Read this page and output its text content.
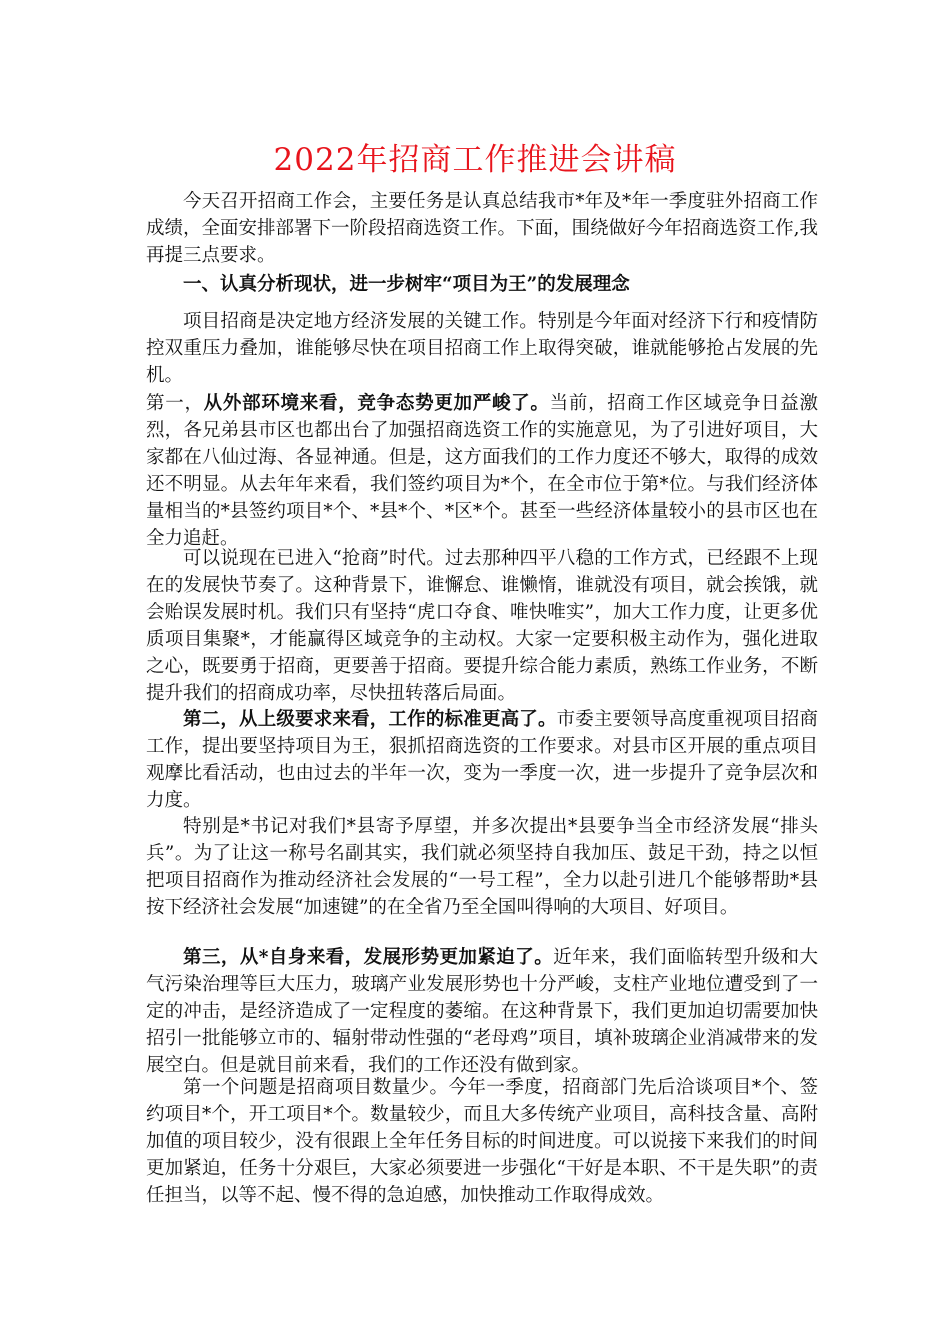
2022年招商工作推进会讲稿
今天召开招商工作会，主要任务是认真总结我市*年及*年一季度驻外招商工作成绩，全面安排部署下一阶段招商选资工作。下面，围绕做好今年招商选资工作,我再提三点要求。
一、认真分析现状，进一步树牢“项目为王”的发展理念
项目招商是决定地方经济发展的关键工作。特别是今年面对经济下行和疫情防控双重压力叠加，谁能够尽快在项目招商工作上取得突破，谁就能够抢占发展的先机。
第一，从外部环境来看，竞争态势更加严峻了。当前，招商工作区域竞争日益激烈，各兄弟县市区也都出台了加强招商选资工作的实施意见，为了引进好项目，大家都在八仙过海、各显神通。但是，这方面我们的工作力度还不够大，取得的成效还不明显。从去年年来看，我们签约项目为*个，在全市位于第*位。与我们经济体量相当的*县签约项目*个、*县*个、*区*个。甚至一些经济体量较小的县市区也在全力追赶。
可以说现在已进入“抢商”时代。过去那种四平八稳的工作方式，已经跟不上现在的发展快节奏了。这种背景下，谁懈怠、谁懒惰，谁就没有项目，就会挨饿，就会贻误发展时机。我们只有坚持“虎口夺食、唯快唯实”，加大工作力度，让更多优质项目集聚*，才能赢得区域竞争的主动权。大家一定要积极主动作为，强化进取之心，既要勇于招商，更要善于招商。要提升综合能力素质，熟练工作业务，不断提升我们的招商成功率，尽快扭转落后局面。
第二，从上级要求来看，工作的标准更高了。市委主要领导高度重视项目招商工作，提出要坚持项目为王，狠抓招商选资的工作要求。对县市区开展的重点项目观摩比看活动，也由过去的半年一次，变为一季度一次，进一步提升了竞争层次和力度。
特别是*书记对我们*县寄予厚望，并多次提出*县要争当全市经济发展“排头兵”。为了让这一称号名副其实，我们就必须坚持自我加压、鼓足干劲，持之以恒把项目招商作为推动经济社会发展的“一号工程”，全力以赴引进几个能够帮助*县按下经济社会发展“加速键”的在全省乃至全国叫得响的大项目、好项目。
第三，从*自身来看，发展形势更加紧迫了。近年来，我们面临转型升级和大气污染治理等巨大压力，玻璃产业发展形势也十分严峻，支柱产业地位遭受到了一定的冲击，是经济造成了一定程度的萎缩。在这种背景下，我们更加迫切需要加快招引一批能够立市的、辐射带动性强的“老母鸡”项目，填补玻璃企业消减带来的发展空白。但是就目前来看，我们的工作还没有做到家。
第一个问题是招商项目数量少。今年一季度，招商部门先后洽谈项目*个、签约项目*个，开工项目*个。数量较少，而且大多传统产业项目，高科技含量、高附加值的项目较少，没有很跟上全年任务目标的时间进度。可以说接下来我们的时间更加紧迫，任务十分艰巨，大家必须要进一步强化“干好是本职、不干是失职”的责任担当，以等不起、慢不得的急迫感，加快推动工作取得成效。
